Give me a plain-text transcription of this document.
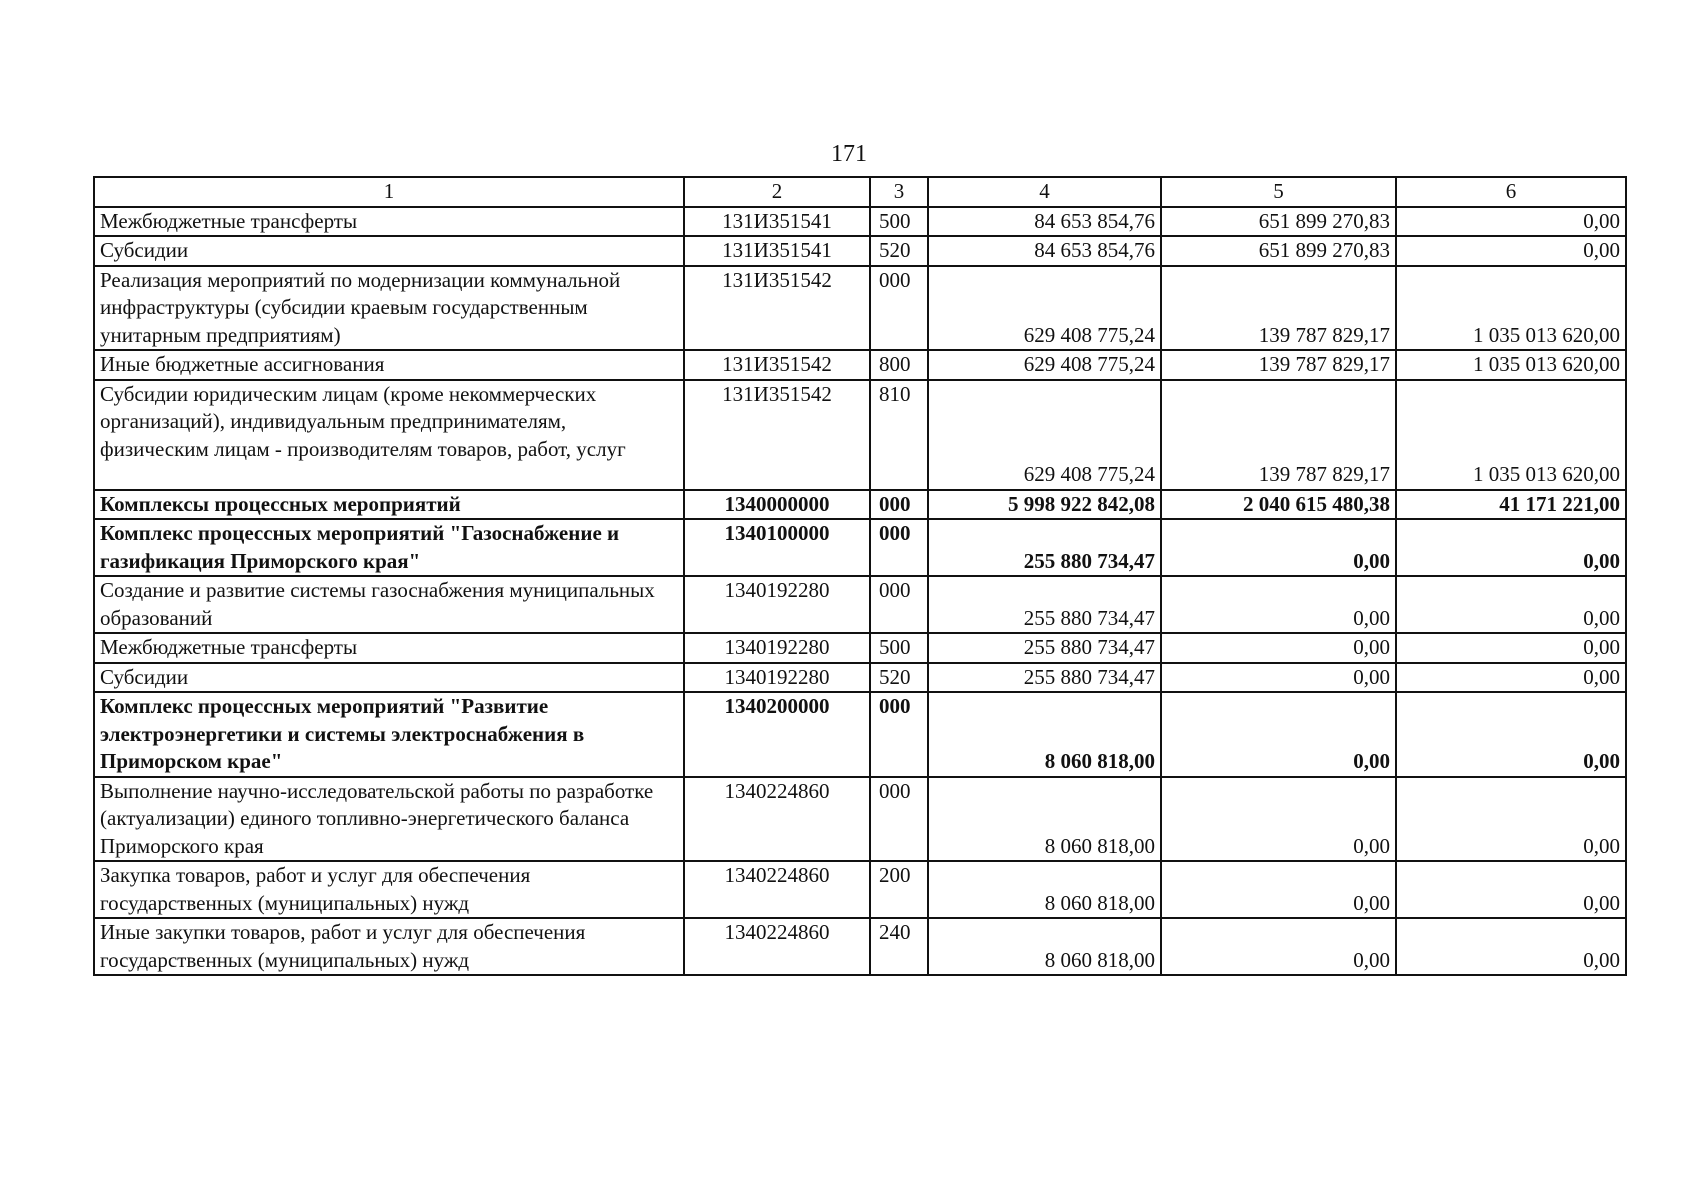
171
1	2	3	4	5	6
Межбюджетные трансферты	131И351541	500	84 653 854,76	651 899 270,83	0,00
Субсидии	131И351541	520	84 653 854,76	651 899 270,83	0,00
Реализация мероприятий по модернизации коммунальной инфраструктуры (субсидии краевым государственным унитарным предприятиям)	131И351542	000	629 408 775,24	139 787 829,17	1 035 013 620,00
Иные бюджетные ассигнования	131И351542	800	629 408 775,24	139 787 829,17	1 035 013 620,00
Субсидии юридическим лицам (кроме некоммерческих организаций), индивидуальным предпринимателям, физическим лицам - производителям товаров, работ, услуг	131И351542	810	629 408 775,24	139 787 829,17	1 035 013 620,00
Комплексы процессных мероприятий	1340000000	000	5 998 922 842,08	2 040 615 480,38	41 171 221,00
Комплекс процессных мероприятий "Газоснабжение и газификация Приморского края"	1340100000	000	255 880 734,47	0,00	0,00
Создание и развитие системы газоснабжения муниципальных образований	1340192280	000	255 880 734,47	0,00	0,00
Межбюджетные трансферты	1340192280	500	255 880 734,47	0,00	0,00
Субсидии	1340192280	520	255 880 734,47	0,00	0,00
Комплекс процессных мероприятий "Развитие электроэнергетики и системы электроснабжения в Приморском крае"	1340200000	000	8 060 818,00	0,00	0,00
Выполнение научно-исследовательской работы по разработке (актуализации) единого топливно-энергетического баланса Приморского края	1340224860	000	8 060 818,00	0,00	0,00
Закупка товаров, работ и услуг для обеспечения государственных (муниципальных) нужд	1340224860	200	8 060 818,00	0,00	0,00
Иные закупки товаров, работ и услуг для обеспечения государственных (муниципальных) нужд	1340224860	240	8 060 818,00	0,00	0,00
